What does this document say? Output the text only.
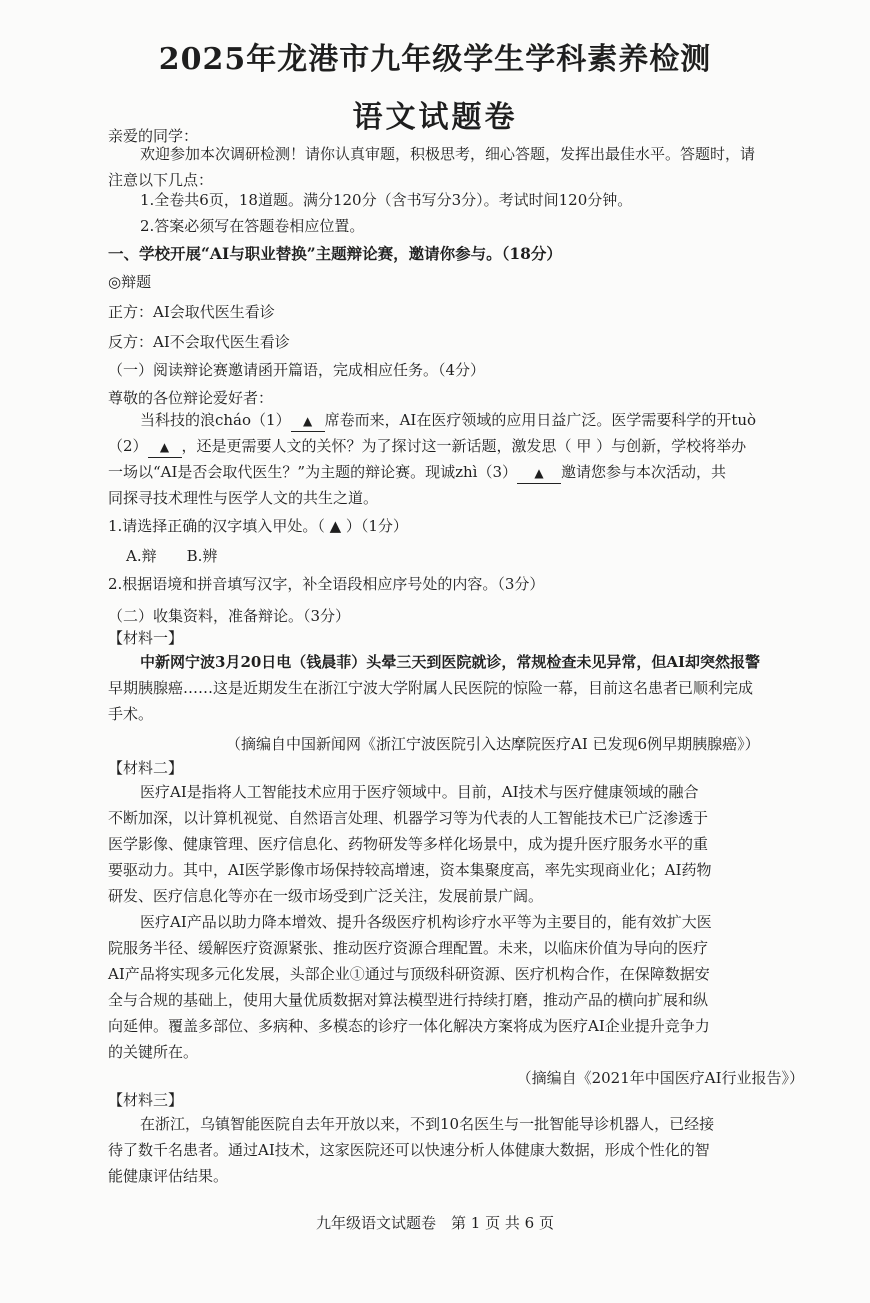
2025年龙港市九年级学生学科素养检测
语文试题卷
亲爱的同学：
欢迎参加本次调研检测！请你认真审题，积极思考，细心答题，发挥出最佳水平。答题时，请
注意以下几点：
1.全卷共6页，18道题。满分120分（含书写分3分）。考试时间120分钟。
2.答案必须写在答题卷相应位置。
一、学校开展“AI与职业替换”主题辩论赛，邀请你参与。（18分）
◎辩题
正方：AI会取代医生看诊
反方：AI不会取代医生看诊
（一）阅读辩论赛邀请函开篇语，完成相应任务。（4分）
尊敬的各位辩论爱好者：
当科技的浪cháo（1） ▲ 席卷而来，AI在医疗领域的应用日益广泛。医学需要科学的开tuò
（2） ▲ ，还是更需要人文的关怀？为了探讨这一新话题，激发思（ 甲 ）与创新，学校将举办
一场以“AI是否会取代医生？”为主题的辩论赛。现诚zhì（3） ▲ 邀请您参与本次活动，共
同探寻技术理性与医学人文的共生之道。
1.请选择正确的汉字填入甲处。（ ▲ ）（1分）
A.辩　　B.辨
2.根据语境和拼音填写汉字，补全语段相应序号处的内容。（3分）
（二）收集资料，准备辩论。（3分）
【材料一】
中新网宁波3月20日电（钱晨菲）头晕三天到医院就诊，常规检查未见异常，但AI却突然报警
早期胰腺癌……这是近期发生在浙江宁波大学附属人民医院的惊险一幕，目前这名患者已顺利完成
手术。
（摘编自中国新闻网《浙江宁波医院引入达摩院医疗AI 已发现6例早期胰腺癌》）
【材料二】
医疗AI是指将人工智能技术应用于医疗领域中。目前，AI技术与医疗健康领域的融合
不断加深，以计算机视觉、自然语言处理、机器学习等为代表的人工智能技术已广泛渗透于
医学影像、健康管理、医疗信息化、药物研发等多样化场景中，成为提升医疗服务水平的重
要驱动力。其中，AI医学影像市场保持较高增速，资本集聚度高，率先实现商业化；AI药物
研发、医疗信息化等亦在一级市场受到广泛关注，发展前景广阔。
医疗AI产品以助力降本增效、提升各级医疗机构诊疗水平等为主要目的，能有效扩大医
院服务半径、缓解医疗资源紧张、推动医疗资源合理配置。未来，以临床价值为导向的医疗
AI产品将实现多元化发展，头部企业①通过与顶级科研资源、医疗机构合作，在保障数据安
全与合规的基础上，使用大量优质数据对算法模型进行持续打磨，推动产品的横向扩展和纵
向延伸。覆盖多部位、多病种、多模态的诊疗一体化解决方案将成为医疗AI企业提升竞争力
的关键所在。
（摘编自《2021年中国医疗AI行业报告》）
【材料三】
在浙江，乌镇智能医院自去年开放以来，不到10名医生与一批智能导诊机器人，已经接
待了数千名患者。通过AI技术，这家医院还可以快速分析人体健康大数据，形成个性化的智
能健康评估结果。
九年级语文试题卷　第 1 页 共 6 页
